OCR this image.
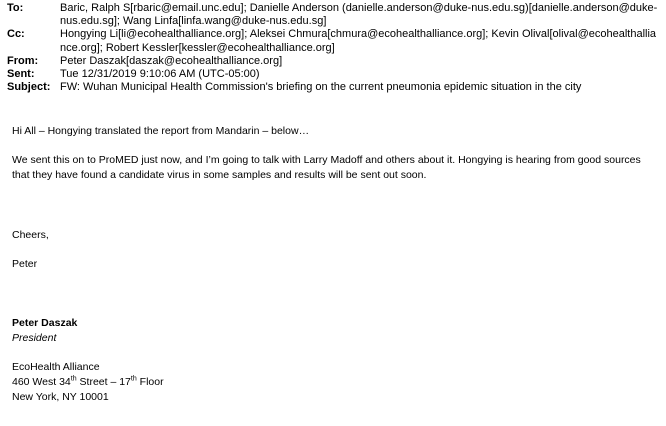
To:	Baric, Ralph S[rbaric@email.unc.edu]; Danielle Anderson (danielle.anderson@duke-nus.edu.sg)[danielle.anderson@duke-nus.edu.sg]; Wang Linfa[linfa.wang@duke-nus.edu.sg]
Cc:	Hongying Li[li@ecohealthalliance.org]; Aleksei Chmura[chmura@ecohealthalliance.org]; Kevin Olival[olival@ecohealthalliance.org]; Robert Kessler[kessler@ecohealthalliance.org]
From:	Peter Daszak[daszak@ecohealthalliance.org]
Sent:	Tue 12/31/2019 9:10:06 AM (UTC-05:00)
Subject: FW: Wuhan Municipal Health Commission's briefing on the current pneumonia epidemic situation in the city

Hi All – Hongying translated the report from Mandarin – below…

We sent this on to ProMED just now, and I’m going to talk with Larry Madoff and others about it. Hongying is hearing from good sources that they have found a candidate virus in some samples and results will be sent out soon.

Cheers,

Peter

Peter Daszak

President

EcoHealth Alliance

460 West 34th Street – 17th Floor

New York, NY 10001
